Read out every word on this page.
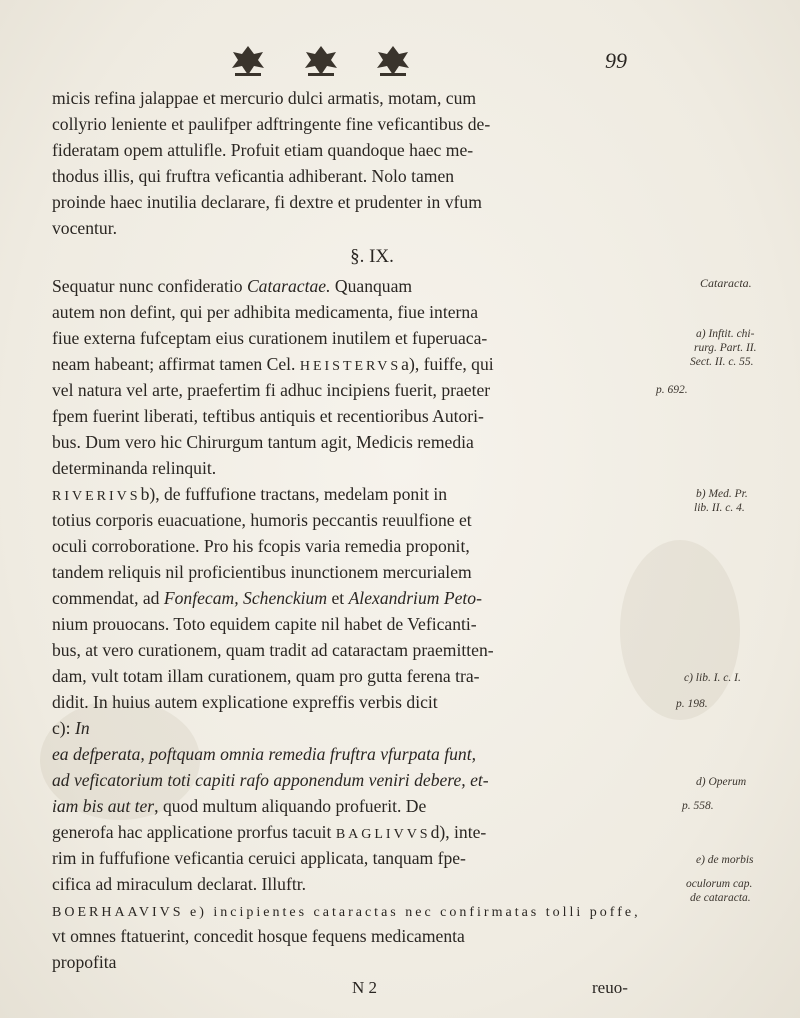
99
micis refina jalappae et mercurio dulci armatis, motam, cum
collyrio leniente et paulifper adftringente fine veficantibus de-
fideratam opem attulifle. Profuit etiam quandoque haec me-
thodus illis, qui fruftra veficantia adhiberant. Nolo tamen
proinde haec inutilia declarare, fi dextre et prudenter in vfum
vocentur.
§. IX.
Sequatur nunc confideratio Cataractae. Quanquam
autem non defint, qui per adhibita medicamenta, fiue interna
fiue externa fufceptam eius curationem inutilem et fuperuaca-
neam habeant; affirmat tamen Cel. HEISTERVSa), fuiffe, qui
vel natura vel arte, praefertim fi adhuc incipiens fuerit, praeter
fpem fuerint liberati, teftibus antiquis et recentioribus Autori-
bus. Dum vero hic Chirurgum tantum agit, Medicis remedia
determinanda relinquit.
RIVERIVSb), de fuffufione tractans, medelam ponit in
totius corporis euacuatione, humoris peccantis reuulfione et
oculi corroboratione. Pro his fcopis varia remedia proponit,
tandem reliquis nil proficientibus inunctionem mercurialem
commendat, ad Fonfecam, Schenckium et Alexandrium Peto-
nium prouocans. Toto equidem capite nil habet de Veficanti-
bus, at vero curationem, quam tradit ad cataractam praemitten-
dam, vult totam illam curationem, quam pro gutta ferena tra-
didit. In huius autem explicatione expreffis verbis dicit
c): In
ea defperata, poftquam omnia remedia fruftra vfurpata funt,
ad veficatorium toti capiti rafo apponendum veniri debere, et-
iam bis aut ter, quod multum aliquando profuerit. De
generofa hac applicatione prorfus tacuit BAGLIVVSd), inte-
rim in fuffufione veficantia ceruici applicata, tanquam fpe-
cifica ad miraculum declarat. Illuftr.
BOERHAAVIVS e) incipientes cataractas nec confirmatas tolli poffe,
vt omnes ftatuerint, concedit hosque fequens medicamenta
propofita
N 2	reuo-
Cataracta.
a) Inftit. chi-
rurg. Part. II.
Sect. II. c. 55.
p. 692.
b) Med. Pr.
lib. II. c. 4.
c) lib. I. c. I.
p. 198.
d) Operum
p. 558.
e) de morbis
oculorum cap.
de cataracta.
